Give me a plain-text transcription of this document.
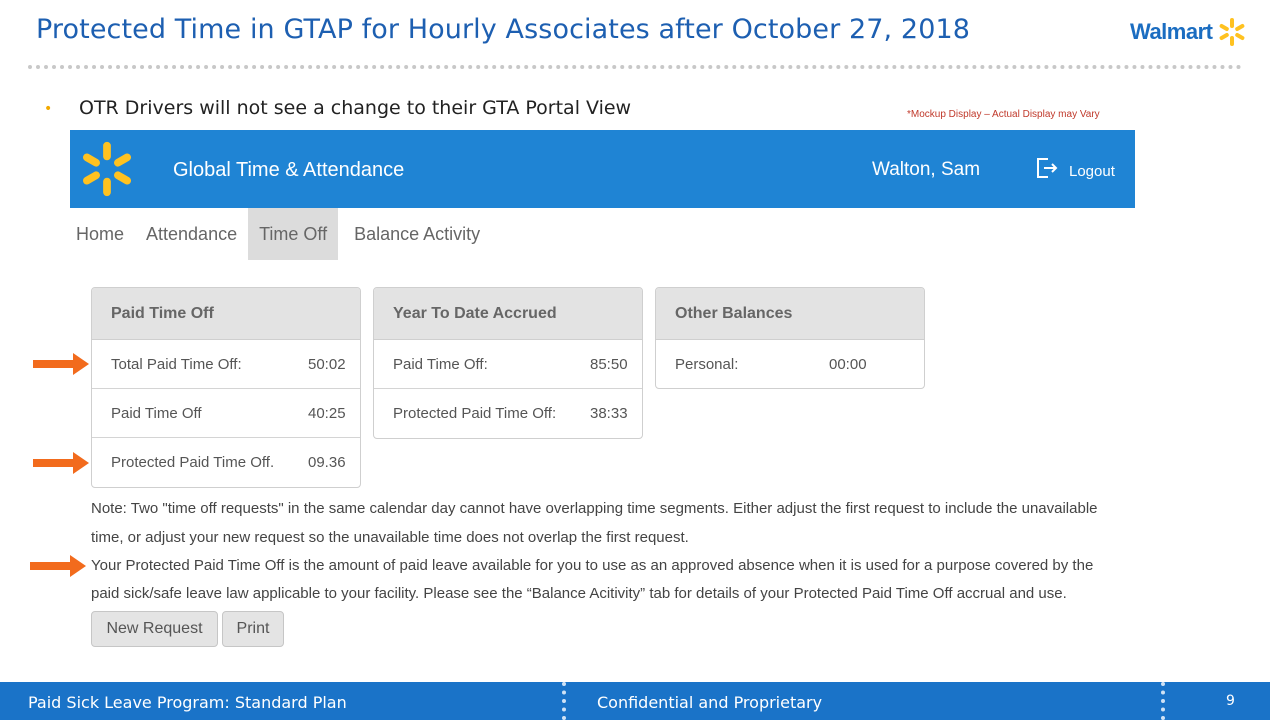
Protected Time in GTAP for Hourly Associates after October 27, 2018	Walmart
• OTR Drivers will not see a change to their GTA Portal View	*Mockup Display – Actual Display may Vary
Global Time & Attendance	Walton, Sam	Logout
Home	Attendance	Time Off	Balance Activity
Paid Time Off
Total Paid Time Off:	50:02
Paid Time Off	40:25
Protected Paid Time Off. 09.36
Year To Date Accrued
Paid Time Off:	85:50
Protected Paid Time Off: 38:33
Other Balances
Personal:	00:00
Note: Two "time off requests" in the same calendar day cannot have overlapping time segments. Either adjust the first request to include the unavailable
time, or adjust your new request so the unavailable time does not overlap the first request.
Your Protected Paid Time Off is the amount of paid leave available for you to use as an approved absence when it is used for a purpose covered by the
paid sick/safe leave law applicable to your facility. Please see the “Balance Acitivity” tab for details of your Protected Paid Time Off accrual and use.
New Request	Print
Paid Sick Leave Program: Standard Plan	Confidential and Proprietary	9
